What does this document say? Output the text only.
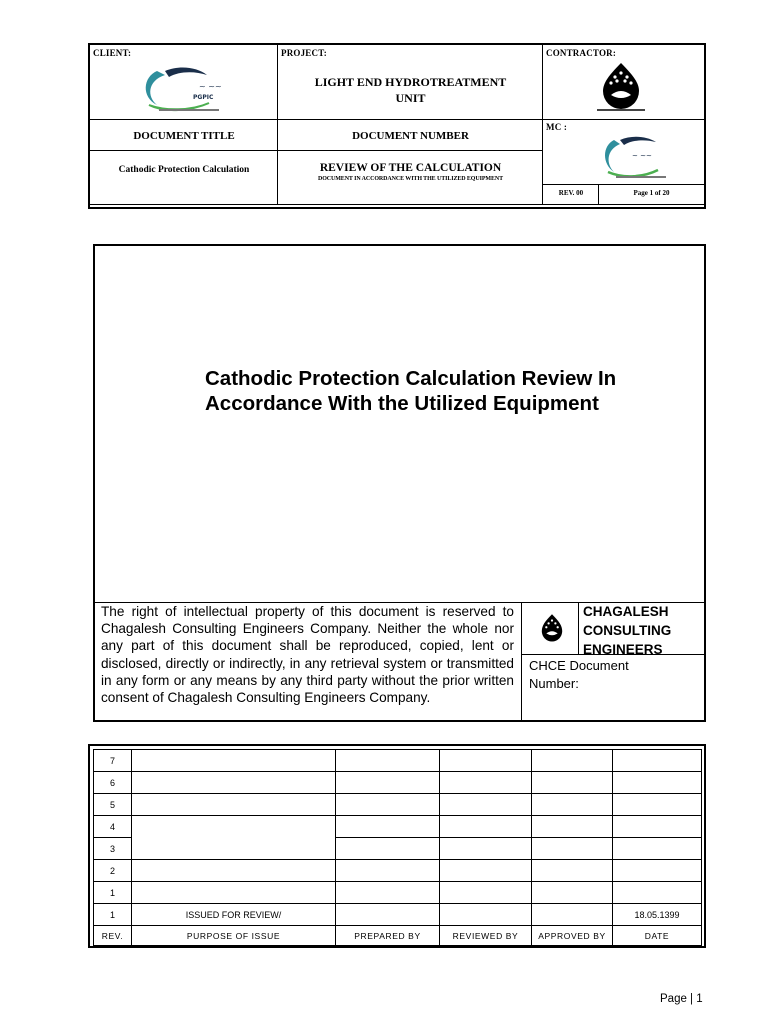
CLIENT:
~ ~~
PGPIC
PROJECT:
LIGHT END HYDROTREATMENT
UNIT
CONTRACTOR:
DOCUMENT TITLE	DOCUMENT NUMBER
MC :
~ ~~
Cathodic Protection Calculation	REVIEW OF THE CALCULATION
DOCUMENT IN ACCORDANCE WITH THE UTILIZED EQUIPMENT
REV. 00	Page 1 of 20
Cathodic Protection Calculation Review In
Accordance With the Utilized Equipment
The right of intellectual property of this document is reserved to Chagalesh Consulting Engineers Company. Neither the whole nor any part of this document shall be reproduced, copied, lent or disclosed, directly or indirectly, in any retrieval system or transmitted in any form or any means by any third party without the prior written consent of Chagalesh Consulting Engineers Company.
CHAGALESH
CONSULTING
ENGINEERS
CHCE Document
Number:
7					
6					
5					
4					
3					
2					
1					
1	ISSUED FOR REVIEW/				18.05.1399
REV.	PURPOSE OF ISSUE	PREPARED BY	REVIEWED BY	APPROVED BY	DATE
Page | 1
